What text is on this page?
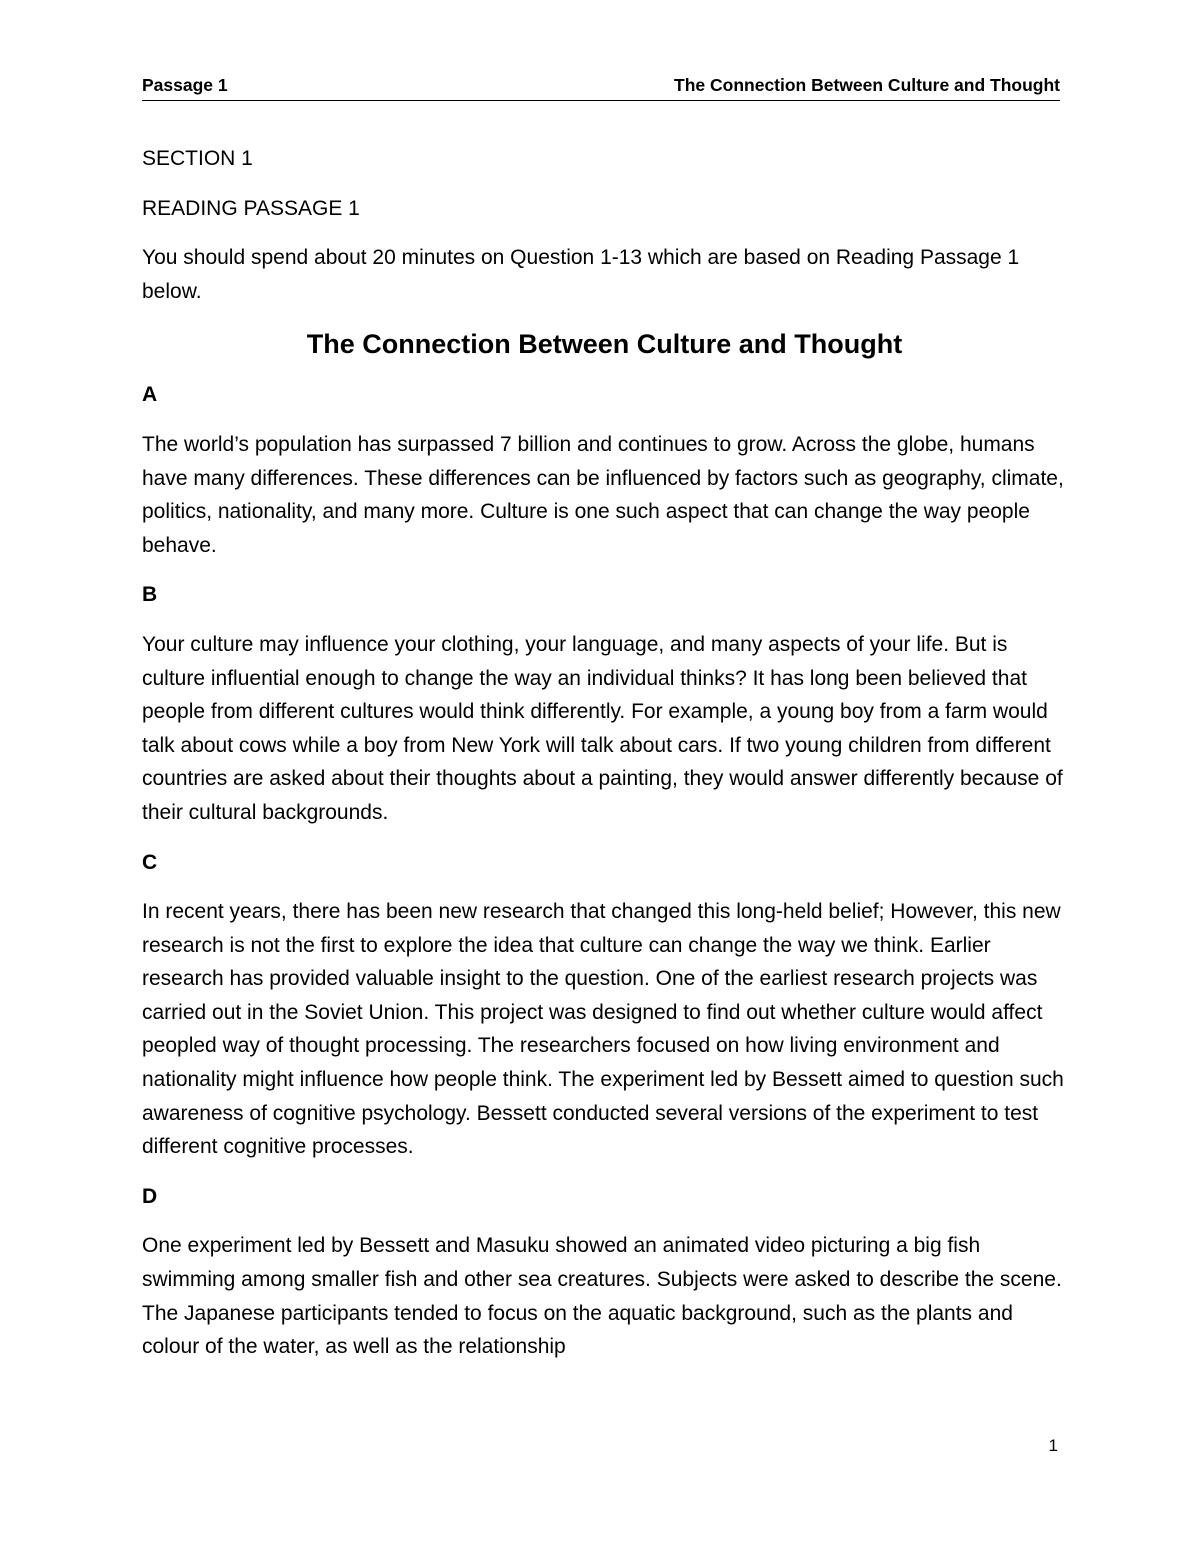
Passage 1	The Connection Between Culture and Thought

SECTION 1

READING PASSAGE 1

You should spend about 20 minutes on Question 1-13 which are based on Reading Passage 1 below.

The Connection Between Culture and Thought

A

The world’s population has surpassed 7 billion and continues to grow. Across the globe, humans have many differences. These differences can be influenced by factors such as geography, climate, politics, nationality, and many more. Culture is one such aspect that can change the way people behave.

B

Your culture may influence your clothing, your language, and many aspects of your life. But is culture influential enough to change the way an individual thinks? It has long been believed that people from different cultures would think differently. For example, a young boy from a farm would talk about cows while a boy from New York will talk about cars. If two young children from different countries are asked about their thoughts about a painting, they would answer differently because of their cultural backgrounds.

C

In recent years, there has been new research that changed this long-held belief; However, this new research is not the first to explore the idea that culture can change the way we think. Earlier research has provided valuable insight to the question. One of the earliest research projects was carried out in the Soviet Union. This project was designed to find out whether culture would affect peopled way of thought processing. The researchers focused on how living environment and nationality might influence how people think. The experiment led by Bessett aimed to question such awareness of cognitive psychology. Bessett conducted several versions of the experiment to test different cognitive processes.

D

One experiment led by Bessett and Masuku showed an animated video picturing a big fish swimming among smaller fish and other sea creatures. Subjects were asked to describe the scene. The Japanese participants tended to focus on the aquatic background, such as the plants and colour of the water, as well as the relationship

1
